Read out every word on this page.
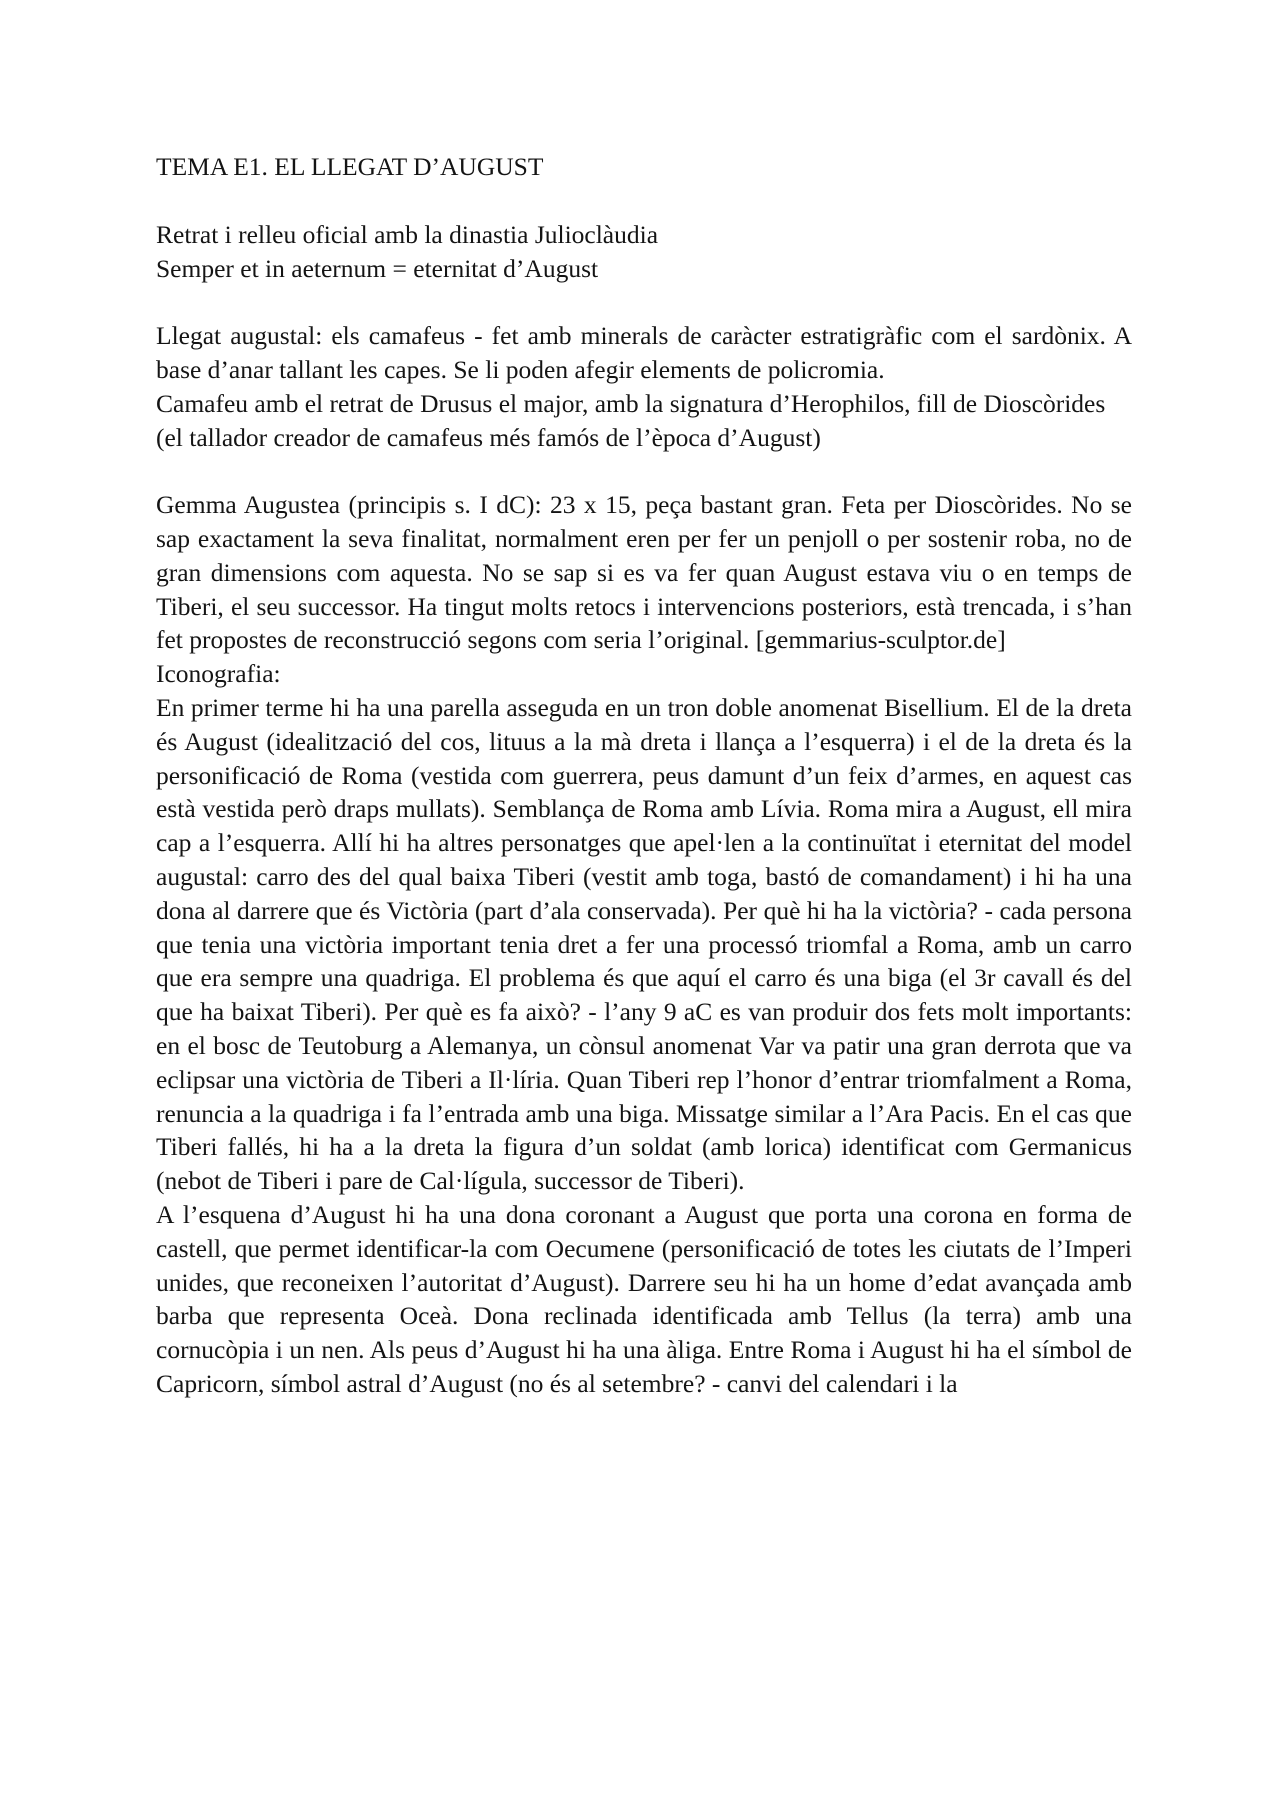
TEMA E1. EL LLEGAT D’AUGUST

Retrat i relleu oficial amb la dinastia Julioclàudia
Semper et in aeternum = eternitat d’August

Llegat augustal: els camafeus - fet amb minerals de caràcter estratigràfic com el sardònix. A base d’anar tallant les capes. Se li poden afegir elements de policromia.

Camafeu amb el retrat de Drusus el major, amb la signatura d’Herophilos, fill de Dioscòrides (el tallador creador de camafeus més famós de l’època d’August)

Gemma Augustea (principis s. I dC): 23 x 15, peça bastant gran. Feta per Dioscòrides. No se sap exactament la seva finalitat, normalment eren per fer un penjoll o per sostenir roba, no de gran dimensions com aquesta. No se sap si es va fer quan August estava viu o en temps de Tiberi, el seu successor. Ha tingut molts retocs i intervencions posteriors, està trencada, i s’han fet propostes de reconstrucció segons com seria l’original. [gemmarius-sculptor.de]

Iconografia:

En primer terme hi ha una parella asseguda en un tron doble anomenat Bisellium. El de la dreta és August (idealització del cos, lituus a la mà dreta i llança a l’esquerra) i el de la dreta és la personificació de Roma (vestida com guerrera, peus damunt d’un feix d’armes, en aquest cas està vestida però draps mullats). Semblança de Roma amb Lívia. Roma mira a August, ell mira cap a l’esquerra. Allí hi ha altres personatges que apel·len a la continuïtat i eternitat del model augustal: carro des del qual baixa Tiberi (vestit amb toga, bastó de comandament) i hi ha una dona al darrere que és Victòria (part d’ala conservada). Per què hi ha la victòria? - cada persona que tenia una victòria important tenia dret a fer una processó triomfal a Roma, amb un carro que era sempre una quadriga. El problema és que aquí el carro és una biga (el 3r cavall és del que ha baixat Tiberi). Per què es fa això? - l’any 9 aC es van produir dos fets molt importants: en el bosc de Teutoburg a Alemanya, un cònsul anomenat Var va patir una gran derrota que va eclipsar una victòria de Tiberi a Il·líria. Quan Tiberi rep l’honor d’entrar triomfalment a Roma, renuncia a la quadriga i fa l’entrada amb una biga. Missatge similar a l’Ara Pacis. En el cas que Tiberi fallés, hi ha a la dreta la figura d’un soldat (amb lorica) identificat com Germanicus (nebot de Tiberi i pare de Cal·lígula, successor de Tiberi).

A l’esquena d’August hi ha una dona coronant a August que porta una corona en forma de castell, que permet identificar-la com Oecumene (personificació de totes les ciutats de l’Imperi unides, que reconeixen l’autoritat d’August). Darrere seu hi ha un home d’edat avançada amb barba que representa Oceà. Dona reclinada identificada amb Tellus (la terra) amb una cornucòpia i un nen. Als peus d’August hi ha una àliga. Entre Roma i August hi ha el símbol de Capricorn, símbol astral d’August (no és al setembre? - canvi del calendari i la
